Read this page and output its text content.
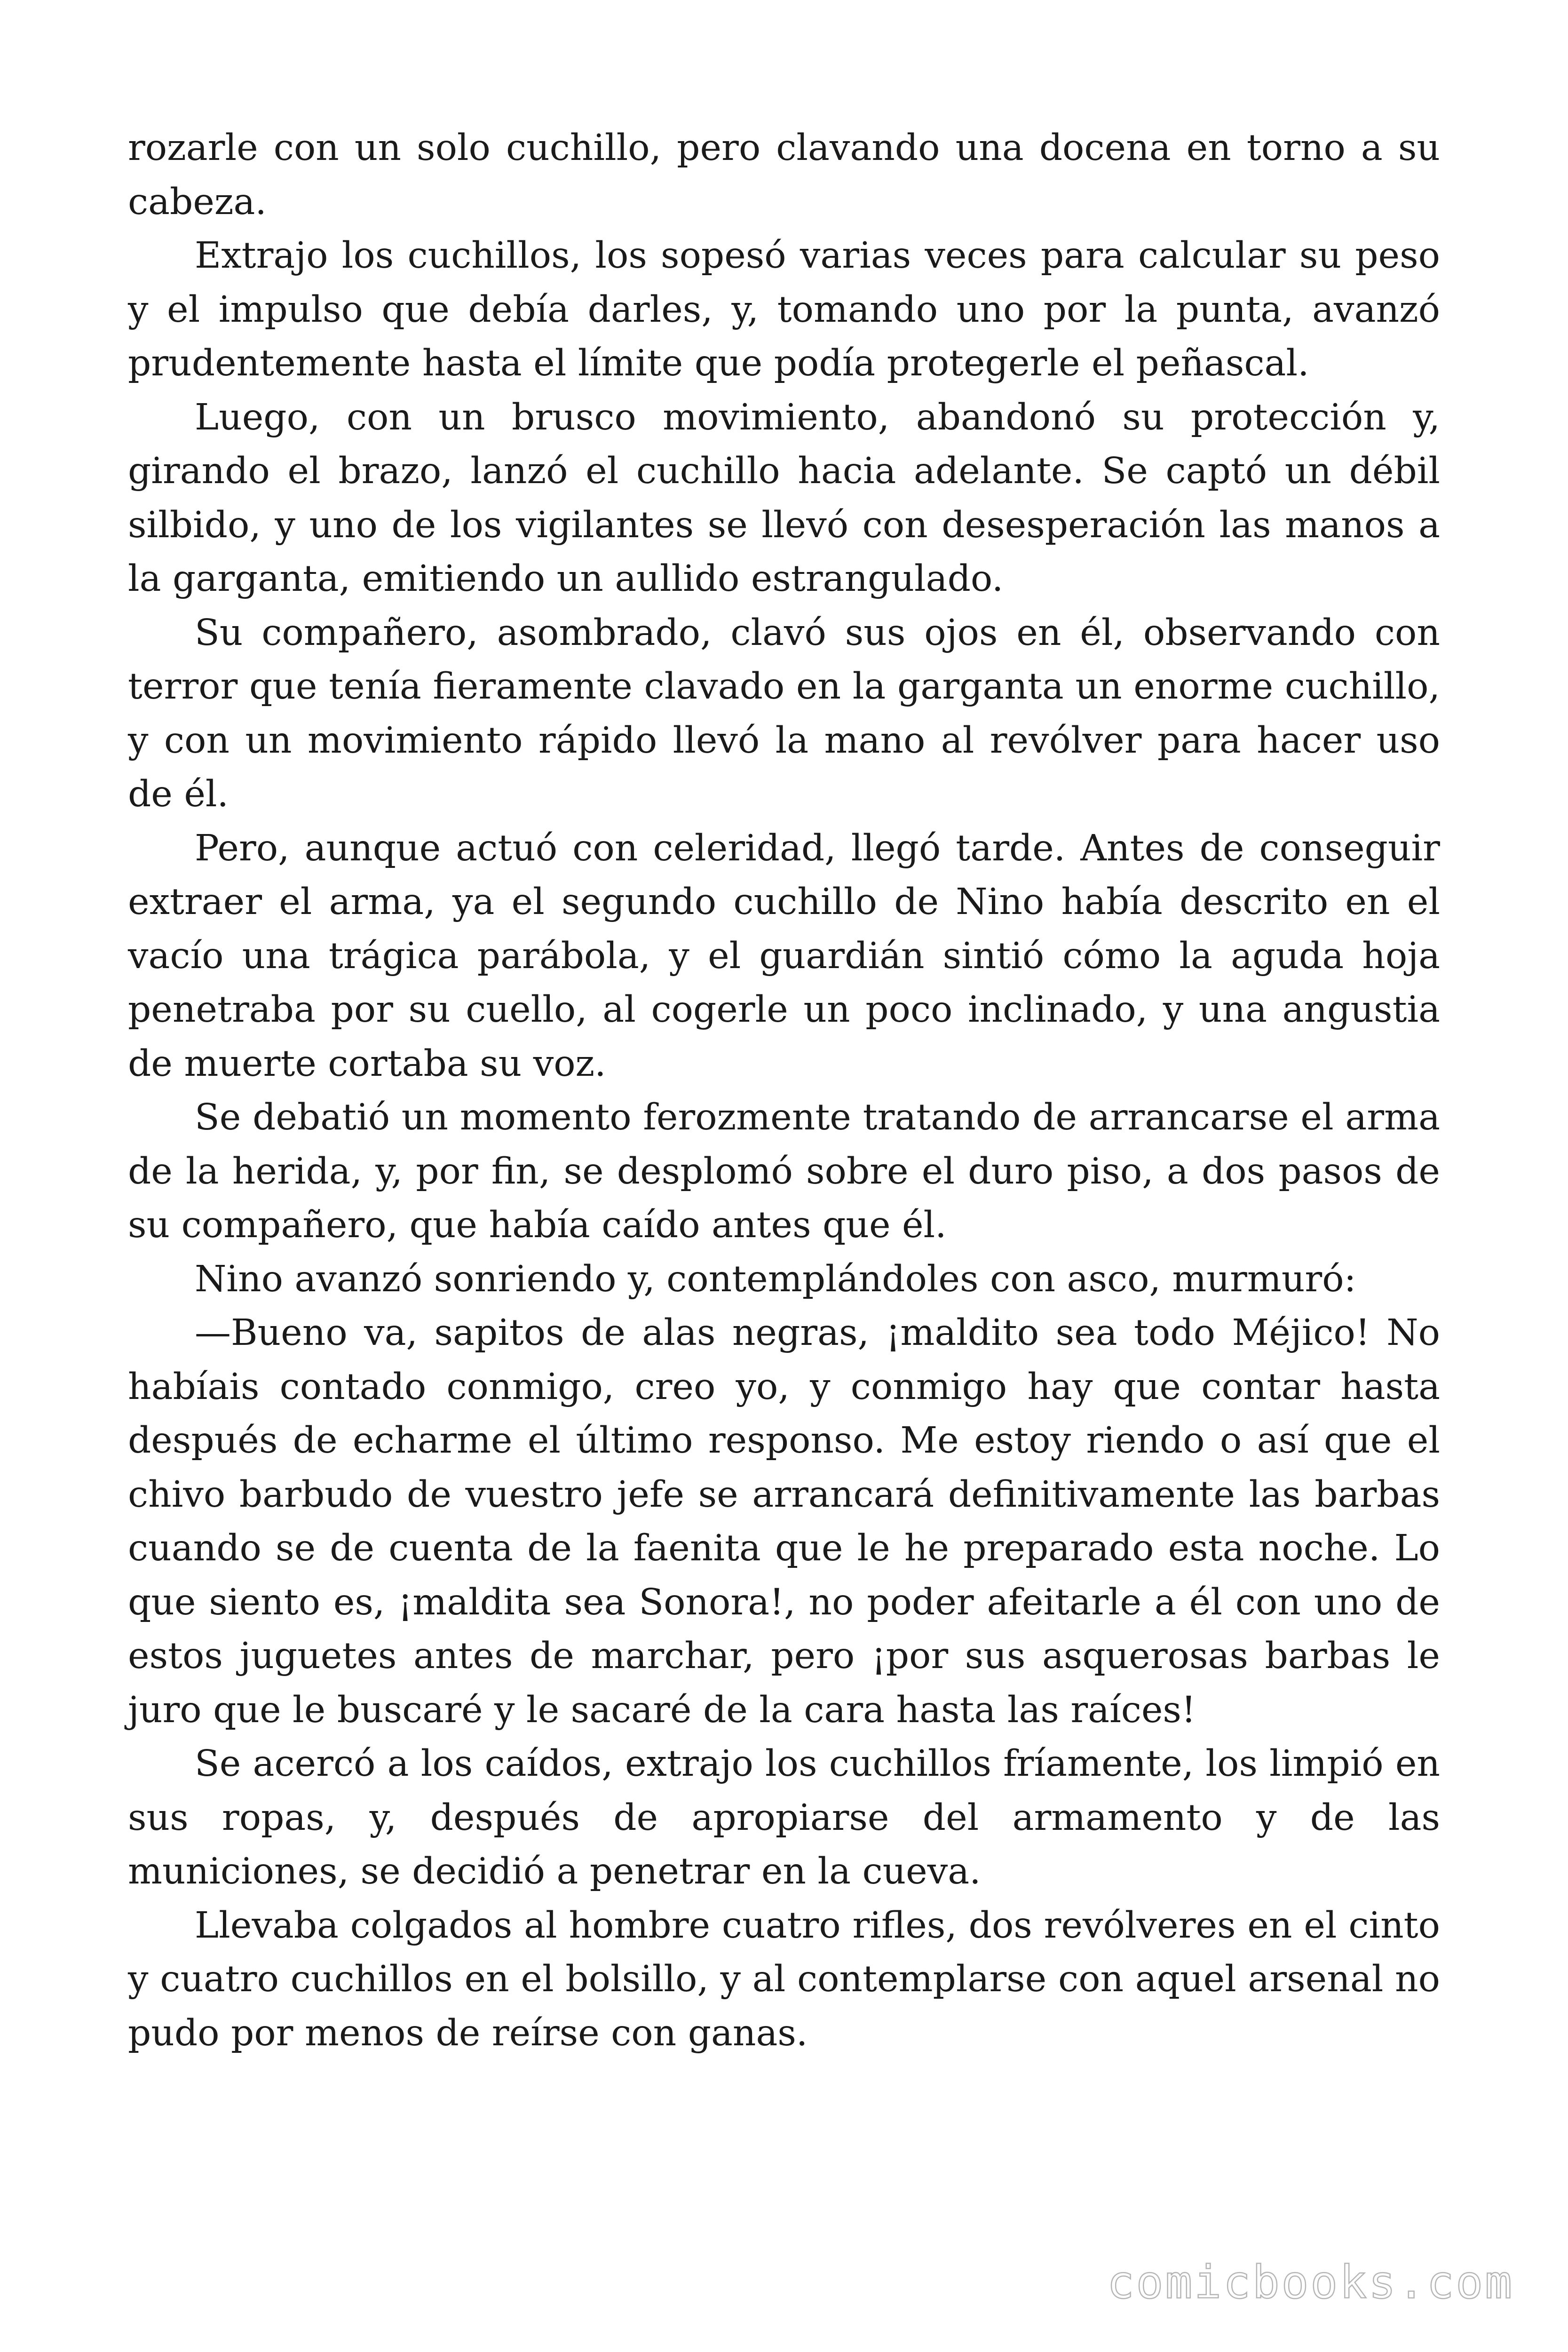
rozarle con un solo cuchillo, pero clavando una docena en torno a su cabeza.

Extrajo los cuchillos, los sopesó varias veces para calcular su peso y el impulso que debía darles, y, tomando uno por la punta, avanzó prudentemente hasta el límite que podía protegerle el peñascal.

Luego, con un brusco movimiento, abandonó su protección y, girando el brazo, lanzó el cuchillo hacia adelante. Se captó un débil silbido, y uno de los vigilantes se llevó con desesperación las manos a la garganta, emitiendo un aullido estrangulado.

Su compañero, asombrado, clavó sus ojos en él, observando con terror que tenía fieramente clavado en la garganta un enorme cuchillo, y con un movimiento rápido llevó la mano al revólver para hacer uso de él.

Pero, aunque actuó con celeridad, llegó tarde. Antes de conseguir extraer el arma, ya el segundo cuchillo de Nino había descrito en el vacío una trágica parábola, y el guardián sintió cómo la aguda hoja penetraba por su cuello, al cogerle un poco inclinado, y una angustia de muerte cortaba su voz.

Se debatió un momento ferozmente tratando de arrancarse el arma de la herida, y, por fin, se desplomó sobre el duro piso, a dos pasos de su compañero, que había caído antes que él.

Nino avanzó sonriendo y, contemplándoles con asco, murmuró:

—Bueno va, sapitos de alas negras, ¡maldito sea todo Méjico! No habíais contado conmigo, creo yo, y conmigo hay que contar hasta después de echarme el último responso. Me estoy riendo o así que el chivo barbudo de vuestro jefe se arrancará definitivamente las barbas cuando se de cuenta de la faenita que le he preparado esta noche. Lo que siento es, ¡maldita sea Sonora!, no poder afeitarle a él con uno de estos juguetes antes de marchar, pero ¡por sus asquerosas barbas le juro que le buscaré y le sacaré de la cara hasta las raíces!

Se acercó a los caídos, extrajo los cuchillos fríamente, los limpió en sus ropas, y, después de apropiarse del armamento y de las municiones, se decidió a penetrar en la cueva.

Llevaba colgados al hombre cuatro rifles, dos revólveres en el cinto y cuatro cuchillos en el bolsillo, y al contemplarse con aquel arsenal no pudo por menos de reírse con ganas.

comicbooks.com
